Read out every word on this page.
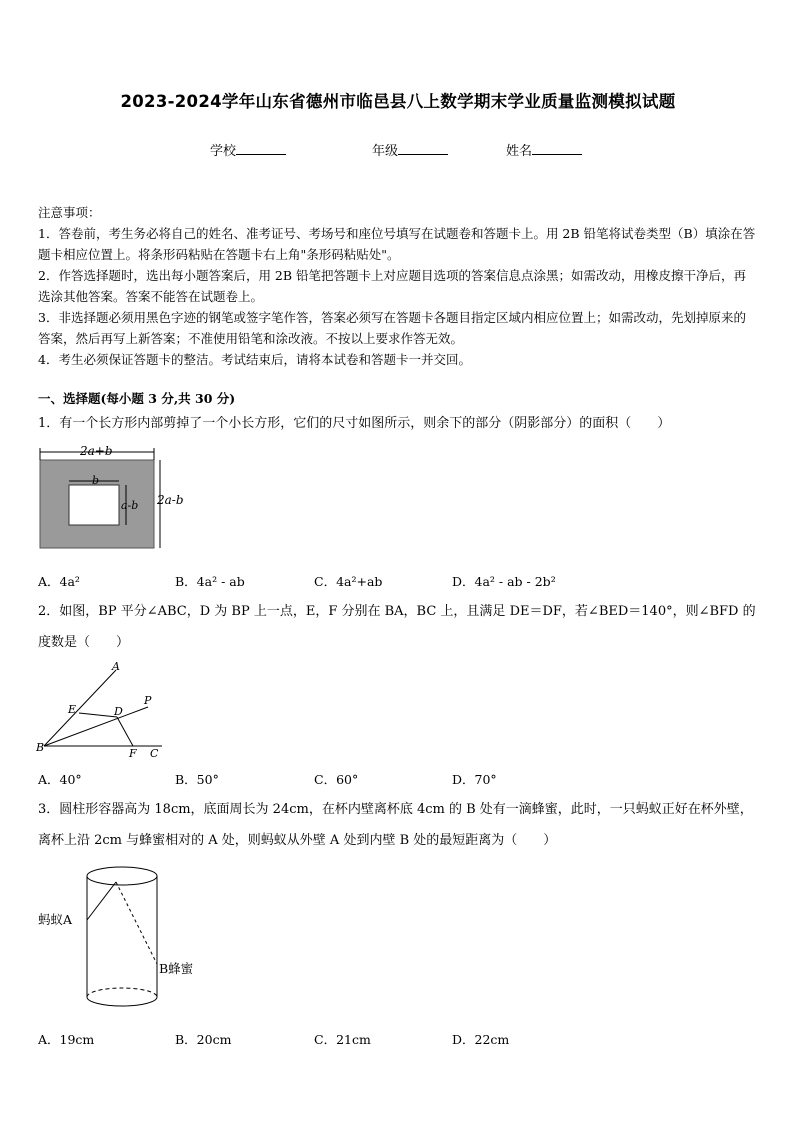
2023-2024学年山东省德州市临邑县八上数学期末学业质量监测模拟试题
学校	年级	姓名

注意事项：

1．答卷前，考生务必将自己的姓名、准考证号、考场号和座位号填写在试题卷和答题卡上。用 2B 铅笔将试卷类型（B）填涂在答题卡相应位置上。将条形码粘贴在答题卡右上角"条形码粘贴处"。

2．作答选择题时，选出每小题答案后，用 2B 铅笔把答题卡上对应题目选项的答案信息点涂黑；如需改动，用橡皮擦干净后，再选涂其他答案。答案不能答在试题卷上。

3．非选择题必须用黑色字迹的钢笔或签字笔作答，答案必须写在答题卡各题目指定区域内相应位置上；如需改动，先划掉原来的答案，然后再写上新答案；不准使用铅笔和涂改液。不按以上要求作答无效。

4．考生必须保证答题卡的整洁。考试结束后，请将本试卷和答题卡一并交回。

一、选择题(每小题 3 分,共 30 分)
1．有一个长方形内部剪掉了一个小长方形，它们的尺寸如图所示，则余下的部分（阴影部分）的面积（　　）
2a+b
b
a-b 2a-b
A．4a²	B．4a² - ab	C．4a²+ab	D．4a² - ab - 2b²
2．如图，BP 平分∠ABC，D 为 BP 上一点，E，F 分别在 BA，BC 上，且满足 DE＝DF，若∠BED＝140°，则∠BFD 的度数是（　　）
A
E	D
P
B	F C
A．40°	B．50°	C．60°	D．70°
3．圆柱形容器高为 18cm，底面周长为 24cm，在杯内壁离杯底 4cm 的 B 处有一滴蜂蜜，此时，一只蚂蚁正好在杯外壁，离杯上沿 2cm 与蜂蜜相对的 A 处，则蚂蚁从外壁 A 处到内壁 B 处的最短距离为（　　）
蚂蚁A
B蜂蜜
A．19cm	B．20cm	C．21cm	D．22cm
